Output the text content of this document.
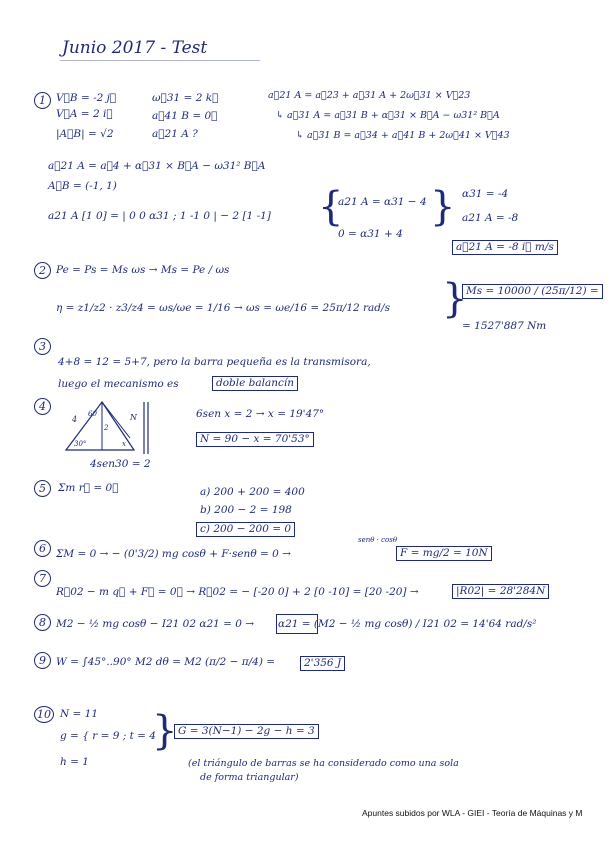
Junio 2017 - Test
1 V⃗B = -2 j⃗
V⃗A = 2 i⃗
|A⃗B| = √2
ω⃗31 = 2 k⃗
a⃗41 B = 0⃗
a⃗21 A ?
a⃗21 A = a⃗23 + a⃗31 A + 2ω⃗31 × V⃗23
↳ a⃗31 A = a⃗31 B + α⃗31 × B⃗A − ω31² B⃗A
↳ a⃗31 B = a⃗34 + a⃗41 B + 2ω⃗41 × V⃗43
a⃗21 A = a⃗4 + α⃗31 × B⃗A − ω31² B⃗A
A⃗B = (-1, 1)
a21 A [1 0] = | 0 0 α31 ; 1 -1 0 | − 2 [1 -1] {
a21 A = α31 − 4
0 = α31 + 4
} α31 = -4
a21 A = -8
a⃗21 A = -8 i⃗ m/s
2 Pe = Ps = Ms ωs → Ms = Pe / ωs
η = z1/z2 · z3/z4 = ωs/ωe = 1/16 → ωs = ωe/16 = 25π/12 rad/s }
Ms = 10000 / (25π/12) =
= 1527'887 Nm
3
4+8 = 12 = 5+7, pero la barra pequeña es la transmisora,
luego el mecanismo es	doble balancín
4
4
60
30°
2
x
N
4sen30 = 2
6sen x = 2 → x = 19'47°
N = 90 − x = 70'53°
5	Σm r⃗ = 0⃗	a) 200 + 200 = 400
b) 200 − 2 = 198
c) 200 − 200 = 0
senθ · cosθ
6 ΣM = 0 → − (0'3/2) mg cosθ + F·senθ = 0 →	F = mg/2 = 10N
7
R⃗02 − m q⃗ + F⃗ = 0⃗ → R⃗02 = − [-20 0] + 2 [0 -10] = [20 -20] →	|R02| = 28'284N
8 M2 − ½ mg cosθ − I21 02 α21 = 0 → α21 = (M2 − ½ mg cosθ) / I21 02 = 14'64 rad/s²
9 W = ∫45°..90° M2 dθ = M2 (π/2 − π/4) =	2'356 J
10 N = 11
g = { r = 9 ; t = 4
h = 1
} G = 3(N−1) − 2g − h = 3
(el triángulo de barras se ha considerado como una sola
de forma triangular)
Apuntes subidos por WLA - GIEI - Teoría de Máquinas y M
